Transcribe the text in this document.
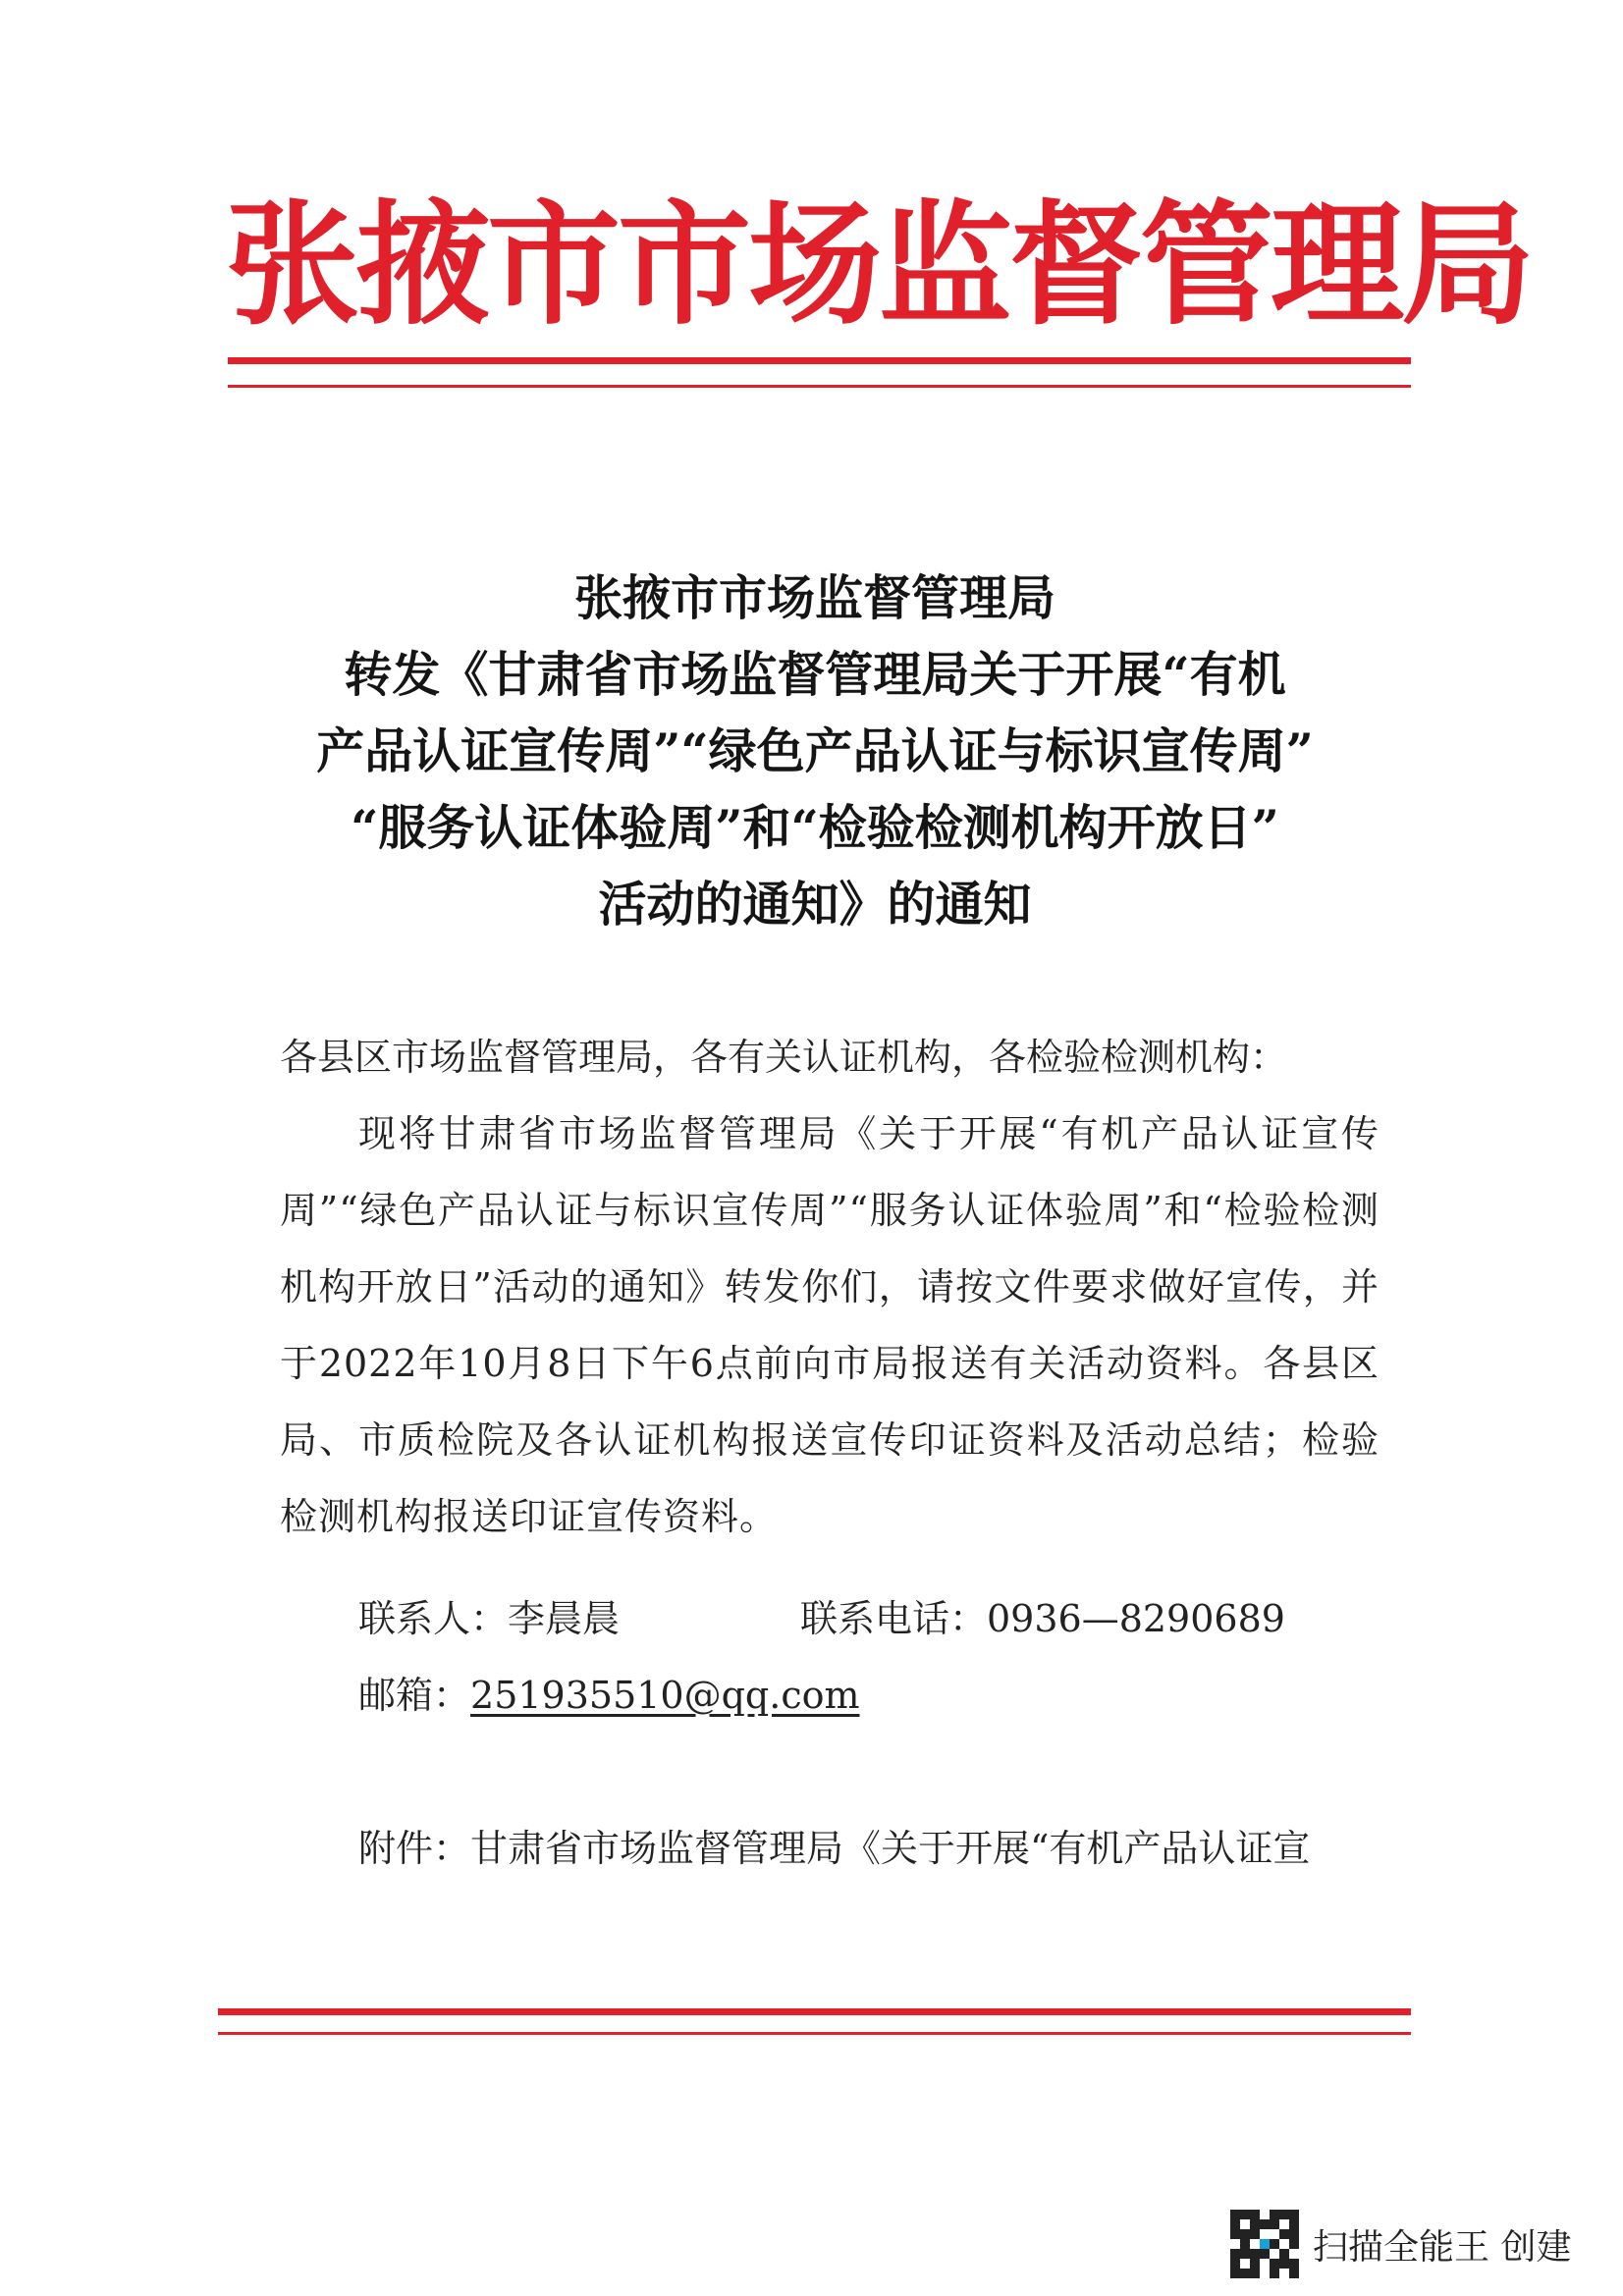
张掖市市场监督管理局
张掖市市场监督管理局
转发《甘肃省市场监督管理局关于开展“有机
产品认证宣传周”“绿色产品认证与标识宣传周”
“服务认证体验周”和“检验检测机构开放日”
活动的通知》的通知
各县区市场监督管理局，各有关认证机构，各检验检测机构：
现将甘肃省市场监督管理局《关于开展“有机产品认证宣传周”“绿色产品认证与标识宣传周”“服务认证体验周”和“检验检测机构开放日”活动的通知》转发你们，请按文件要求做好宣传，并于2022年10月8日下午6点前向市局报送有关活动资料。各县区局、市质检院及各认证机构报送宣传印证资料及活动总结；检验检测机构报送印证宣传资料。
联系人：李晨晨	联系电话：0936—8290689
邮箱：251935510@qq.com
附件：甘肃省市场监督管理局《关于开展“有机产品认证宣
扫描全能王 创建
